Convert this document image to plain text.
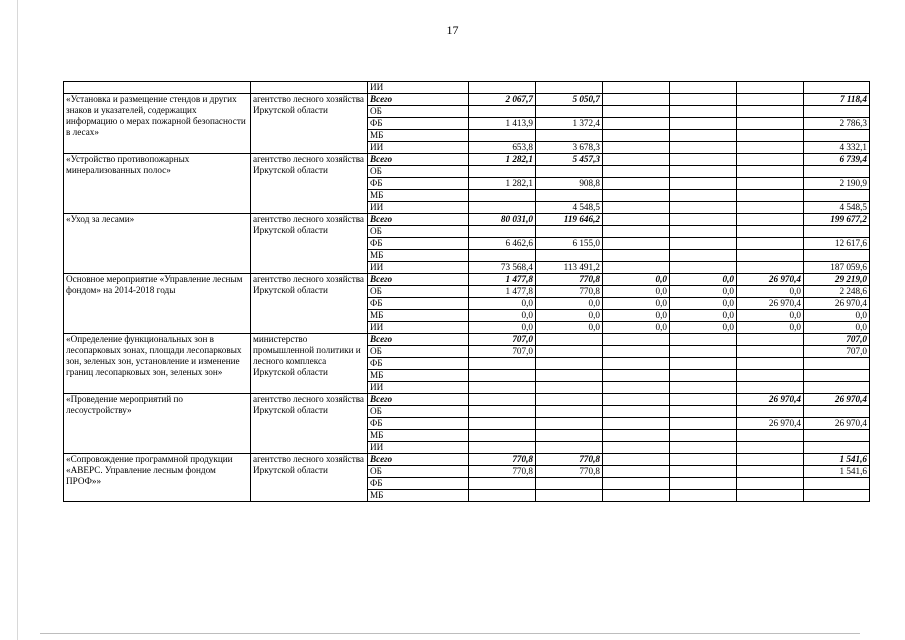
17
		ИИ						
«Установка и размещение стендов и других знаков и указателей, содержащих информацию о мерах пожарной безопасности в лесах»	агентство лесного хозяйства Иркутской области	Всего	2 067,7	5 050,7				7 118,4
		ОБ						
		ФБ	1 413,9	1 372,4				2 786,3
		МБ						
		ИИ	653,8	3 678,3				4 332,1
«Устройство противопожарных минерализованных полос»	агентство лесного хозяйства Иркутской области	Всего	1 282,1	5 457,3				6 739,4
		ОБ						
		ФБ	1 282,1	908,8				2 190,9
		МБ						
		ИИ		4 548,5				4 548,5
«Уход за лесами»	агентство лесного хозяйства Иркутской области	Всего	80 031,0	119 646,2				199 677,2
		ОБ						
		ФБ	6 462,6	6 155,0				12 617,6
		МБ						
		ИИ	73 568,4	113 491,2				187 059,6
Основное мероприятие «Управление лесным фондом» на 2014-2018 годы	агентство лесного хозяйства Иркутской области	Всего	1 477,8	770,8	0,0	0,0	26 970,4	29 219,0
		ОБ	1 477,8	770,8	0,0	0,0	0,0	2 248,6
		ФБ	0,0	0,0	0,0	0,0	26 970,4	26 970,4
		МБ	0,0	0,0	0,0	0,0	0,0	0,0
		ИИ	0,0	0,0	0,0	0,0	0,0	0,0
«Определение функциональных зон в лесопарковых зонах, площади лесопарковых зон, зеленых зон, установление и изменение границ лесопарковых зон, зеленых зон»	министерство промышленной политики и лесного комплекса Иркутской области	Всего	707,0					707,0
		ОБ	707,0					707,0
		ФБ						
		МБ						
		ИИ						
«Проведение мероприятий по лесоустройству»	агентство лесного хозяйства Иркутской области	Всего					26 970,4	26 970,4
		ОБ						
		ФБ					26 970,4	26 970,4
		МБ						
		ИИ						
«Сопровождение программной продукции «АВЕРС. Управление лесным фондом ПРОФ»»	агентство лесного хозяйства Иркутской области	Всего	770,8	770,8				1 541,6
		ОБ	770,8	770,8				1 541,6
		ФБ						
		МБ						
